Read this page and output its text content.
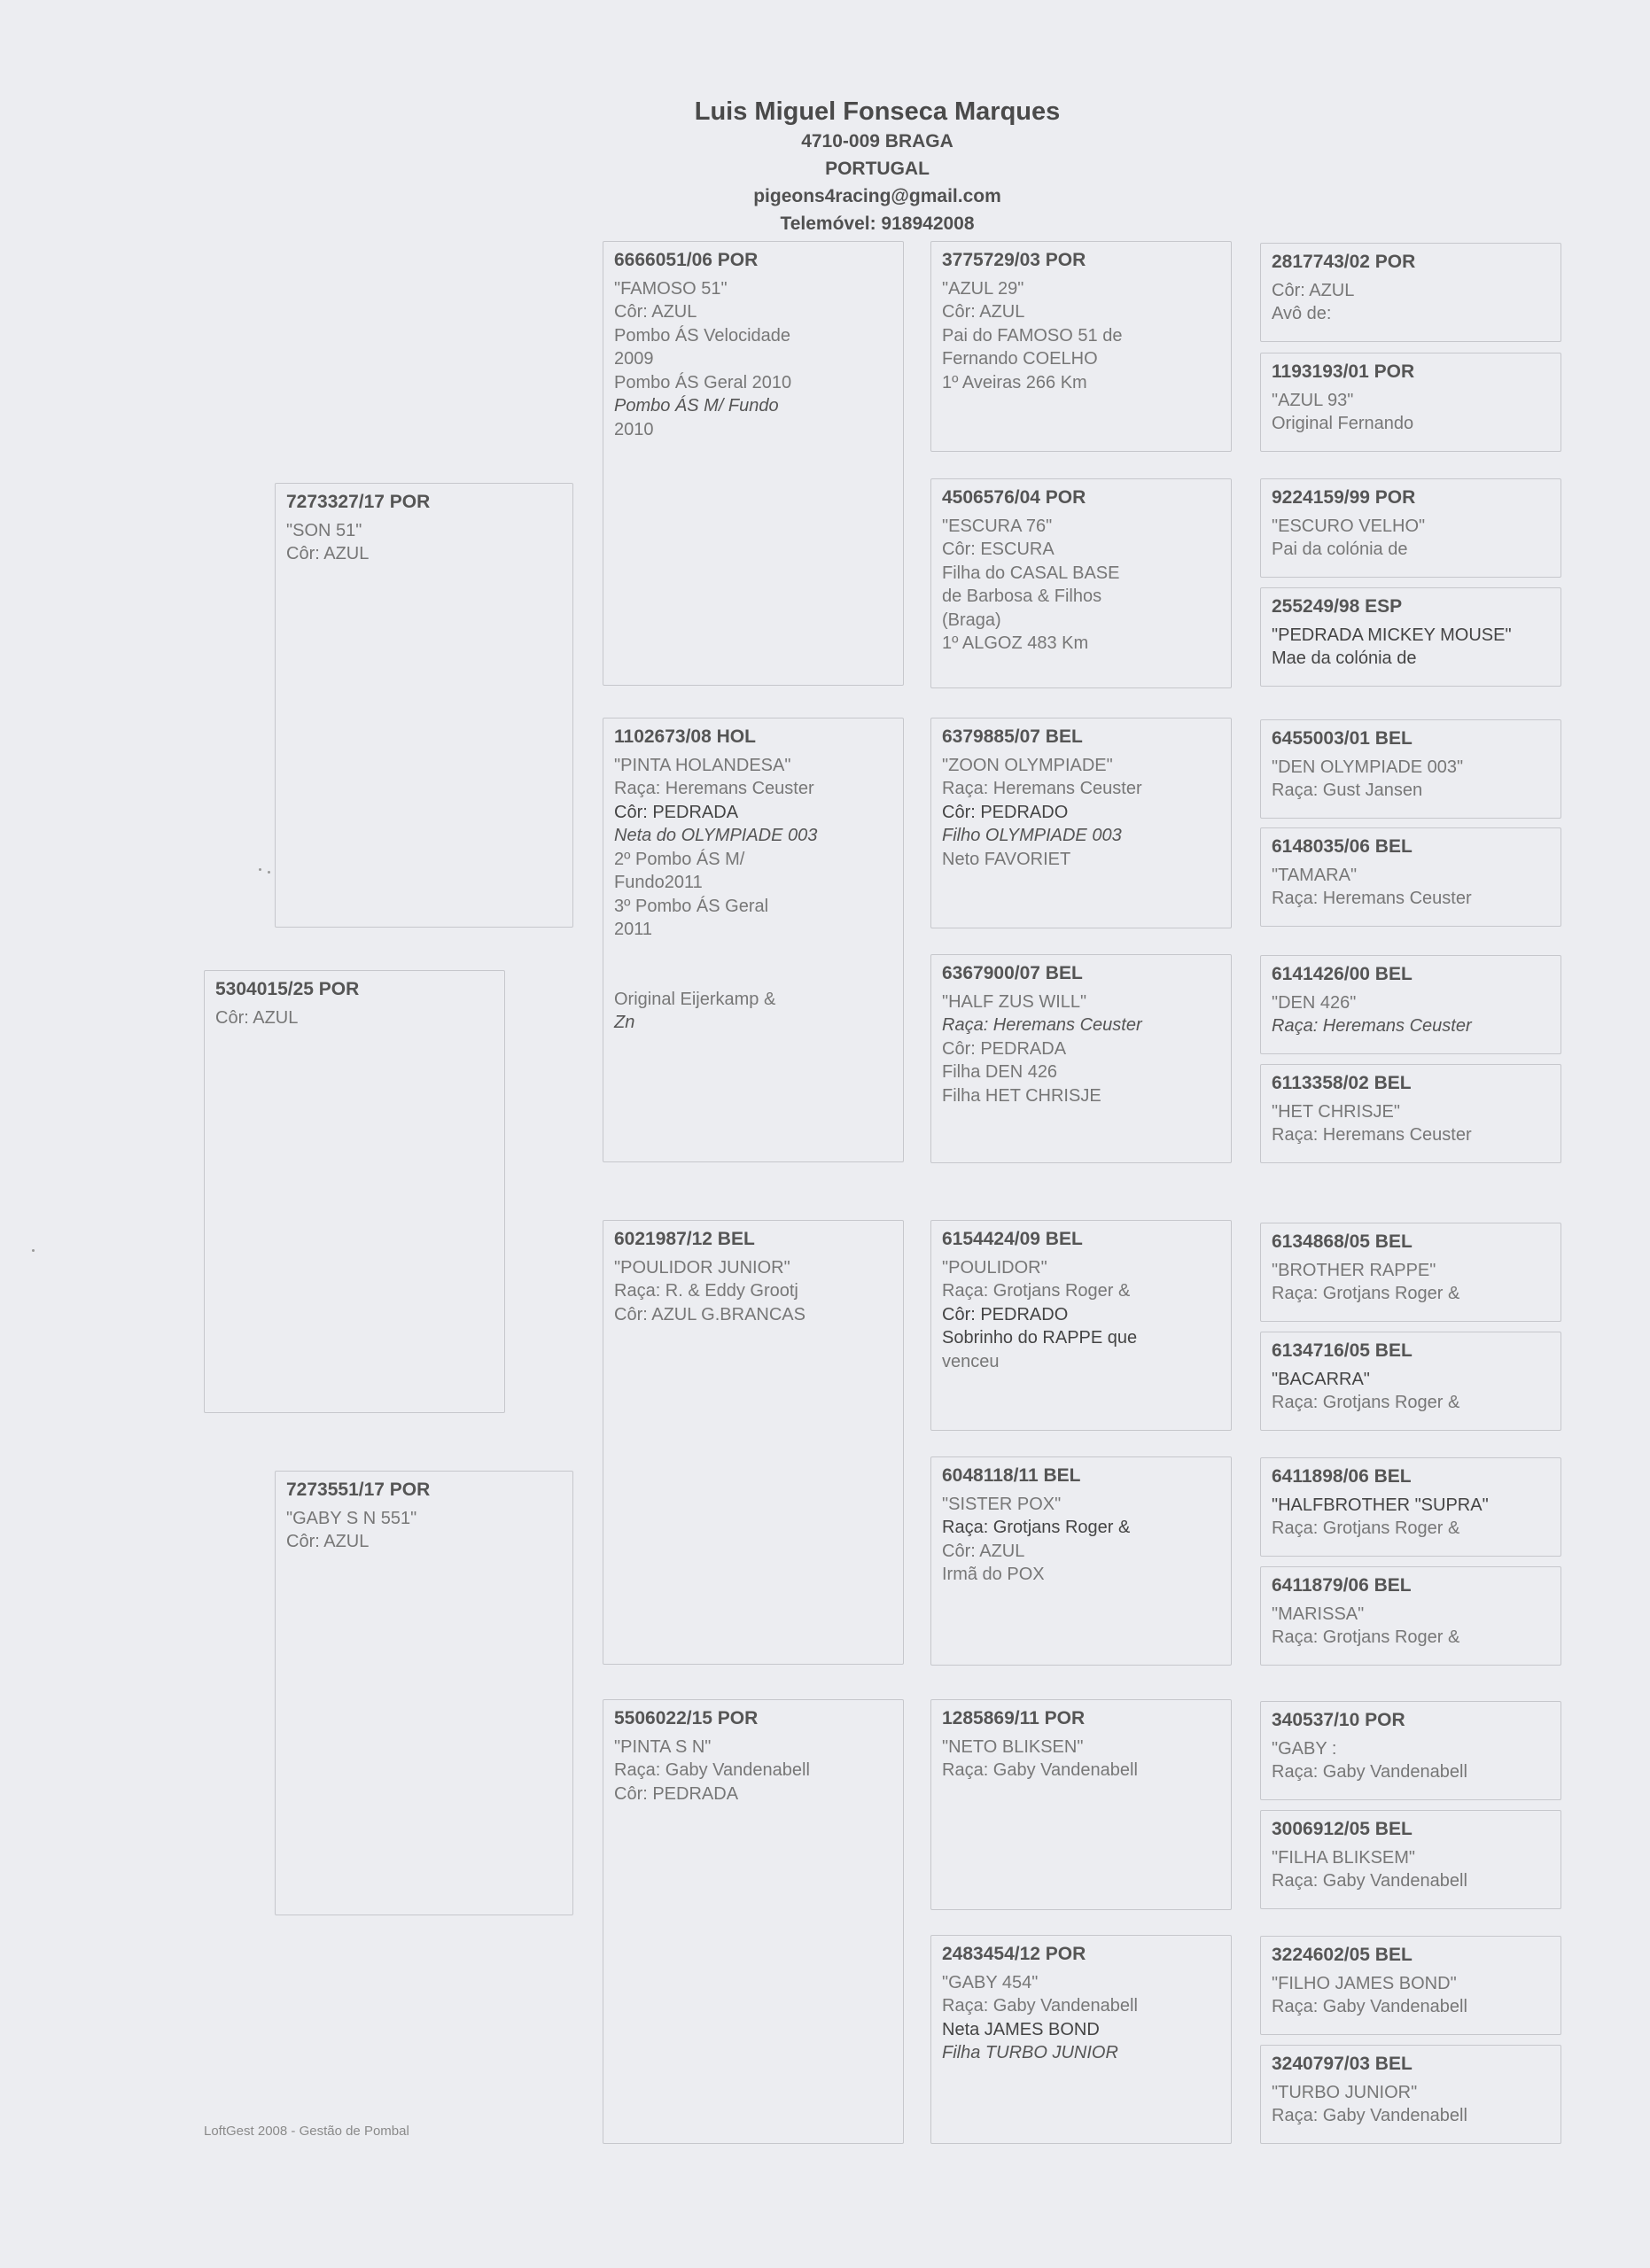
Luis Miguel Fonseca Marques
4710-009 BRAGA
PORTUGAL
pigeons4racing@gmail.com
Telemóvel: 918942008
5304015/25 POR
Côr: AZUL
7273327/17 POR
"SON 51"
Côr: AZUL
7273551/17 POR
"GABY S N 551"
Côr: AZUL
6666051/06 POR
"FAMOSO 51"
Côr: AZUL
Pombo ÁS Velocidade
2009
Pombo ÁS Geral 2010
Pombo ÁS M/ Fundo
2010
1102673/08 HOL
"PINTA HOLANDESA"
Raça: Heremans Ceuster
Côr: PEDRADA
Neta do OLYMPIADE 003
2º Pombo ÁS M/
Fundo2011
3º Pombo ÁS Geral
2011
Original Eijerkamp &
Zn
6021987/12 BEL
"POULIDOR JUNIOR"
Raça: R. & Eddy Grootj
Côr: AZUL G.BRANCAS
5506022/15 POR
"PINTA S N"
Raça: Gaby Vandenabell
Côr: PEDRADA
3775729/03 POR
"AZUL 29"
Côr: AZUL
Pai do FAMOSO 51 de
Fernando COELHO
1º Aveiras 266 Km
4506576/04 POR
"ESCURA 76"
Côr: ESCURA
Filha do CASAL BASE
de Barbosa & Filhos
(Braga)
1º ALGOZ 483 Km
6379885/07 BEL
"ZOON OLYMPIADE"
Raça: Heremans Ceuster
Côr: PEDRADO
Filho OLYMPIADE 003
Neto FAVORIET
6367900/07 BEL
"HALF ZUS WILL"
Raça: Heremans Ceuster
Côr: PEDRADA
Filha DEN 426
Filha HET CHRISJE
6154424/09 BEL
"POULIDOR"
Raça: Grotjans Roger &
Côr: PEDRADO
Sobrinho do RAPPE que
venceu
6048118/11 BEL
"SISTER POX"
Raça: Grotjans Roger &
Côr: AZUL
Irmã do POX
1285869/11 POR
"NETO BLIKSEN"
Raça: Gaby Vandenabell
2483454/12 POR
"GABY 454"
Raça: Gaby Vandenabell
Neta JAMES BOND
Filha TURBO JUNIOR
2817743/02 POR
Côr: AZUL
Avô de:
1193193/01 POR
"AZUL 93"
Original Fernando
9224159/99 POR
"ESCURO VELHO"
Pai da colónia de
255249/98 ESP
"PEDRADA MICKEY MOUSE"
Mae da colónia de
6455003/01 BEL
"DEN OLYMPIADE 003"
Raça: Gust Jansen
6148035/06 BEL
"TAMARA"
Raça: Heremans Ceuster
6141426/00 BEL
"DEN 426"
Raça: Heremans Ceuster
6113358/02 BEL
"HET CHRISJE"
Raça: Heremans Ceuster
6134868/05 BEL
"BROTHER RAPPE"
Raça: Grotjans Roger &
6134716/05 BEL
"BACARRA"
Raça: Grotjans Roger &
6411898/06 BEL
"HALFBROTHER "SUPRA"
Raça: Grotjans Roger &
6411879/06 BEL
"MARISSA"
Raça: Grotjans Roger &
340537/10 POR
"GABY :
Raça: Gaby Vandenabell
3006912/05 BEL
"FILHA BLIKSEM"
Raça: Gaby Vandenabell
3224602/05 BEL
"FILHO JAMES BOND"
Raça: Gaby Vandenabell
3240797/03 BEL
"TURBO JUNIOR"
Raça: Gaby Vandenabell
LoftGest 2008 - Gestão de Pombal
